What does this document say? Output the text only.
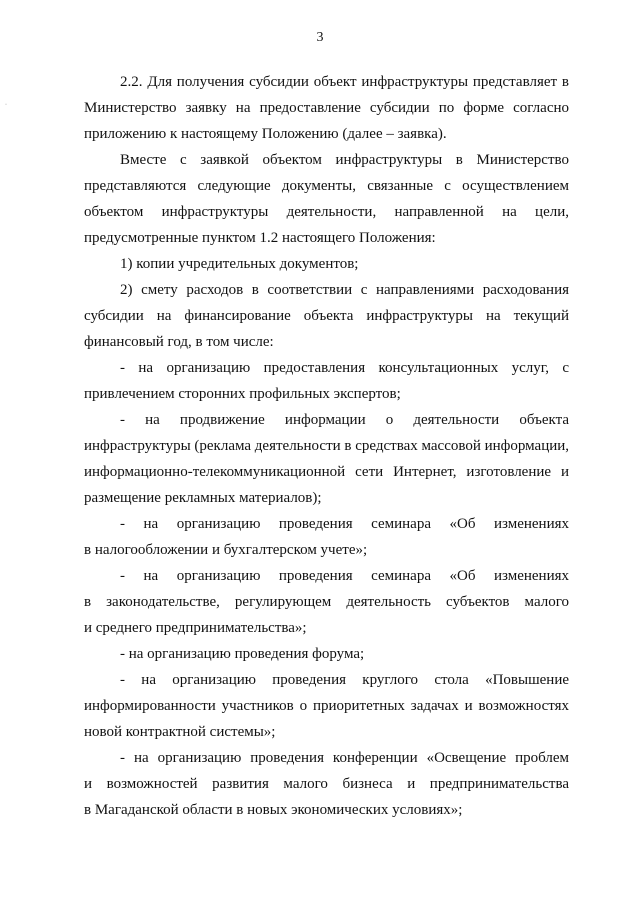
3
·
2.2. Для получения субсидии объект инфраструктуры представляет в
Министерство заявку на предоставление субсидии по форме согласно
приложению к настоящему Положению (далее – заявка).
Вместе с заявкой объектом инфраструктуры в Министерство
представляются следующие документы, связанные с осуществлением
объектом инфраструктуры деятельности, направленной на цели,
предусмотренные пунктом 1.2 настоящего Положения:
1) копии учредительных документов;
2) смету расходов в соответствии с направлениями расходования
субсидии на финансирование объекта инфраструктуры на текущий
финансовый год, в том числе:
- на организацию предоставления консультационных услуг, с
привлечением сторонних профильных экспертов;
- на продвижение информации о деятельности объекта
инфраструктуры (реклама деятельности в средствах массовой информации,
информационно-телекоммуникационной сети Интернет, изготовление и
размещение рекламных материалов);
- на организацию проведения семинара «Об изменениях
в налогообложении и бухгалтерском учете»;
- на организацию проведения семинара «Об изменениях
в законодательстве, регулирующем деятельность субъектов малого
и среднего предпринимательства»;
- на организацию проведения форума;
- на организацию проведения круглого стола «Повышение
информированности участников о приоритетных задачах и возможностях
новой контрактной системы»;
- на организацию проведения конференции «Освещение проблем
и возможностей развития малого бизнеса и предпринимательства
в Магаданской области в новых экономических условиях»;
